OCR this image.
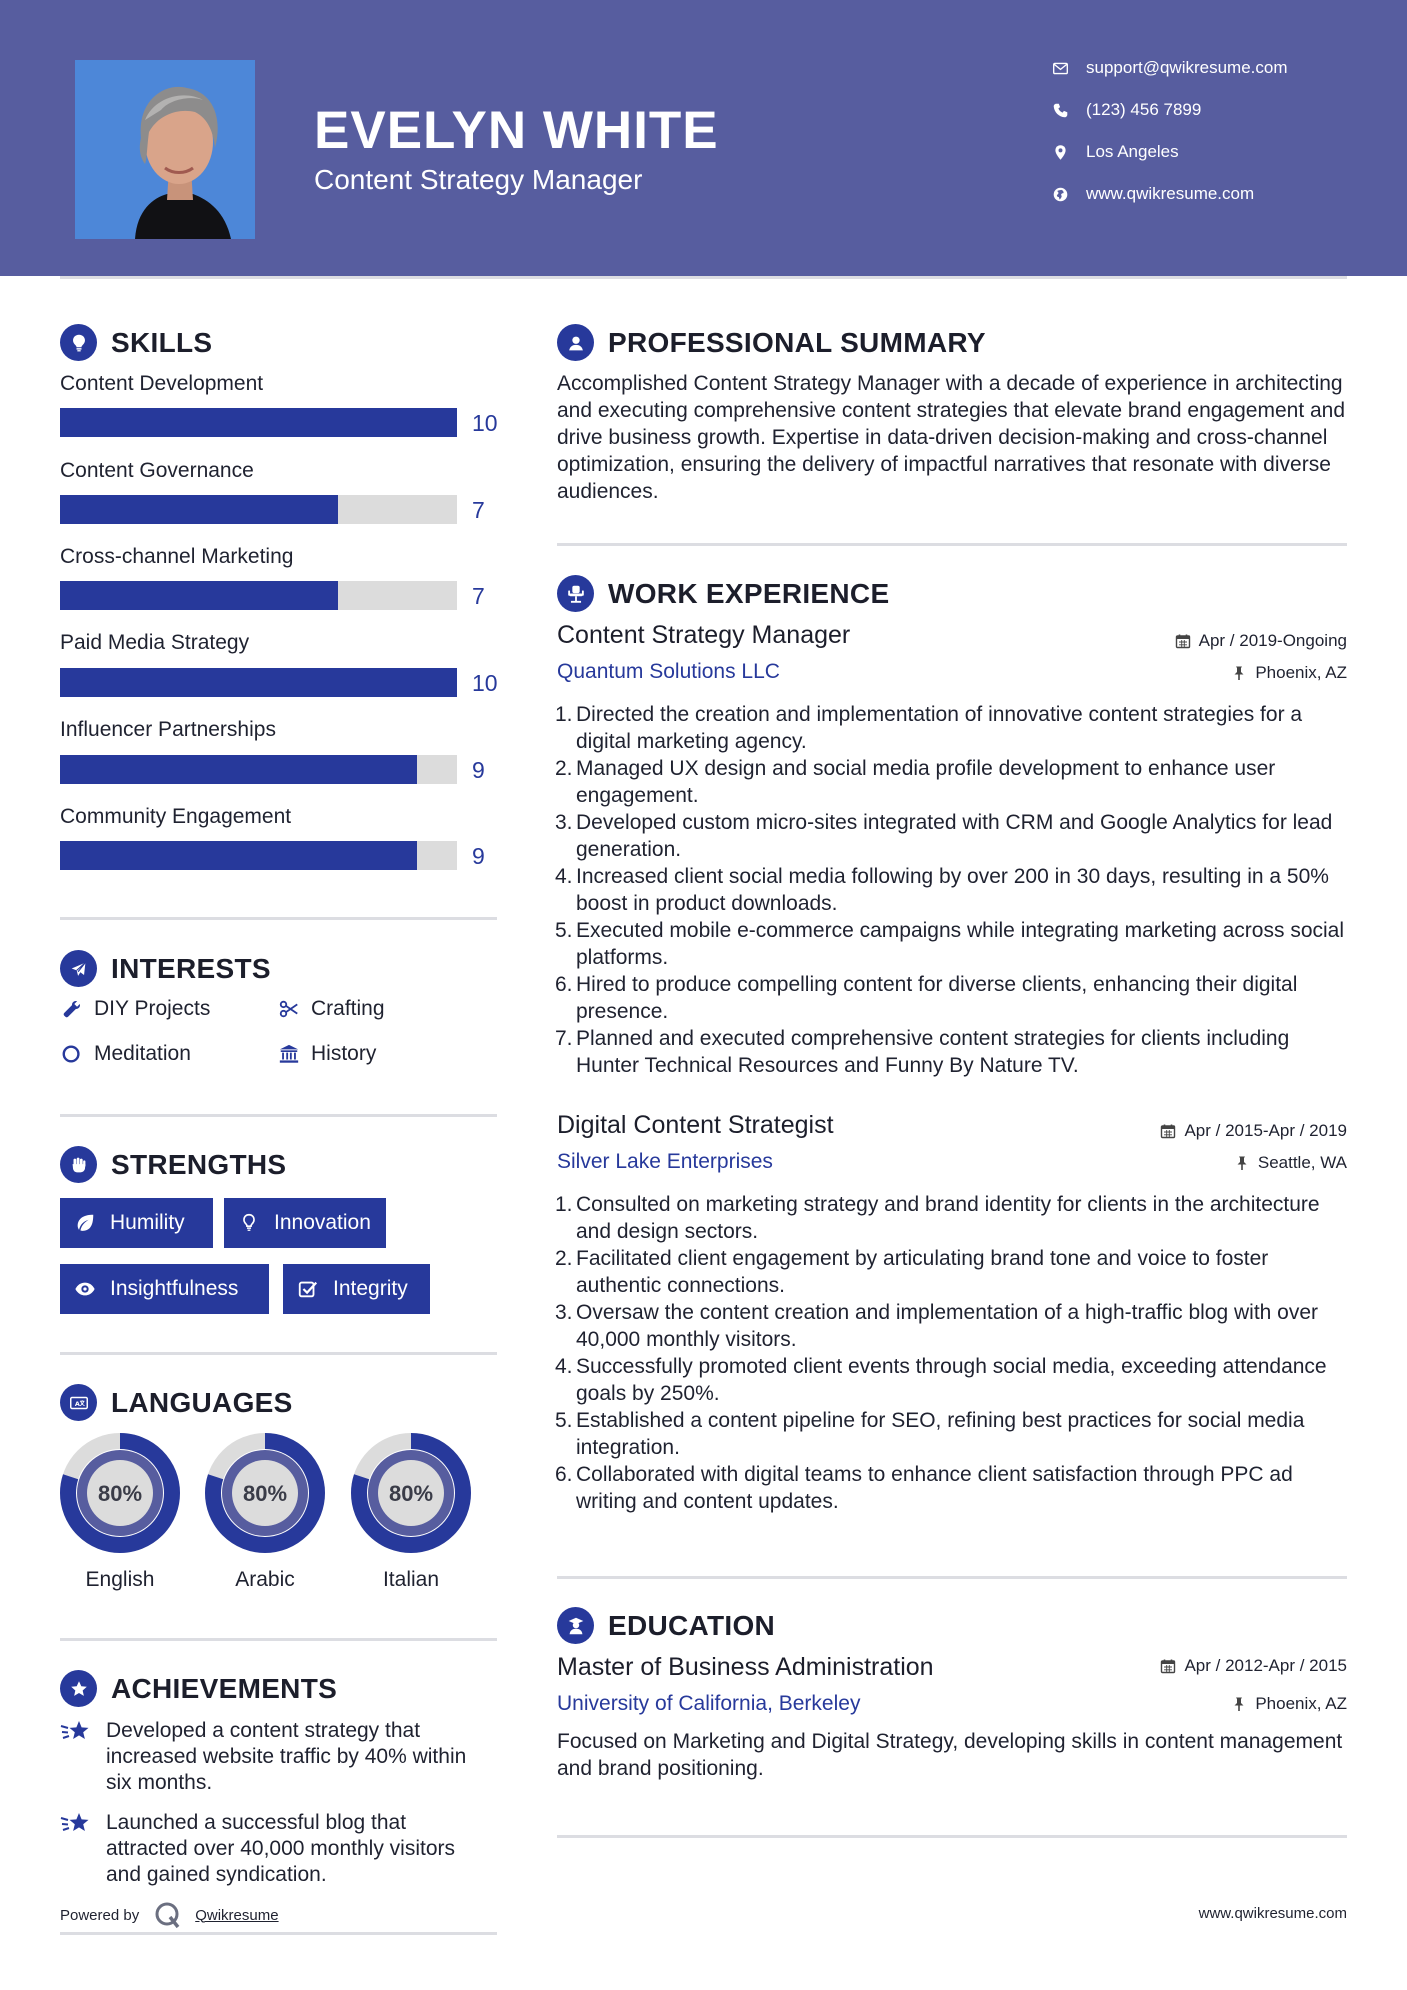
EVELYN WHITE
Content Strategy Manager
support@qwikresume.com
(123) 456 7899
Los Angeles
www.qwikresume.com
SKILLS
Content Development
10
Content Governance
7
Cross-channel Marketing
7
Paid Media Strategy
10
Influencer Partnerships
9
Community Engagement
9
INTERESTS
DIY Projects	Crafting
Meditation	History
STRENGTHS
Humility	Innovation
Insightfulness	Integrity
A LANGUAGES
80%
English
80%
Arabic
80%
Italian
ACHIEVEMENTS
Developed a content strategy that increased website traffic by 40% within six months.
Launched a successful blog that attracted over 40,000 monthly visitors and gained syndication.
Powered by	Qwikresume
PROFESSIONAL SUMMARY
Accomplished Content Strategy Manager with a decade of experience in architecting and executing comprehensive content strategies that elevate brand engagement and drive business growth. Expertise in data-driven decision-making and cross-channel optimization, ensuring the delivery of impactful narratives that resonate with diverse audiences.
WORK EXPERIENCE
Content Strategy Manager
Quantum Solutions LLC
Apr / 2019-Ongoing
Phoenix, AZ
1. Directed the creation and implementation of innovative content strategies for a digital marketing agency.
2. Managed UX design and social media profile development to enhance user engagement.
3. Developed custom micro-sites integrated with CRM and Google Analytics for lead generation.
4. Increased client social media following by over 200 in 30 days, resulting in a 50% boost in product downloads.
5. Executed mobile e-commerce campaigns while integrating marketing across social platforms.
6. Hired to produce compelling content for diverse clients, enhancing their digital presence.
7. Planned and executed comprehensive content strategies for clients including Hunter Technical Resources and Funny By Nature TV.
Digital Content Strategist
Silver Lake Enterprises
Apr / 2015-Apr / 2019
Seattle, WA
1. Consulted on marketing strategy and brand identity for clients in the architecture and design sectors.
2. Facilitated client engagement by articulating brand tone and voice to foster authentic connections.
3. Oversaw the content creation and implementation of a high-traffic blog with over 40,000 monthly visitors.
4. Successfully promoted client events through social media, exceeding attendance goals by 250%.
5. Established a content pipeline for SEO, refining best practices for social media integration.
6. Collaborated with digital teams to enhance client satisfaction through PPC ad writing and content updates.
EDUCATION
Master of Business Administration
University of California, Berkeley
Apr / 2012-Apr / 2015
Phoenix, AZ
Focused on Marketing and Digital Strategy, developing skills in content management and brand positioning.
www.qwikresume.com
